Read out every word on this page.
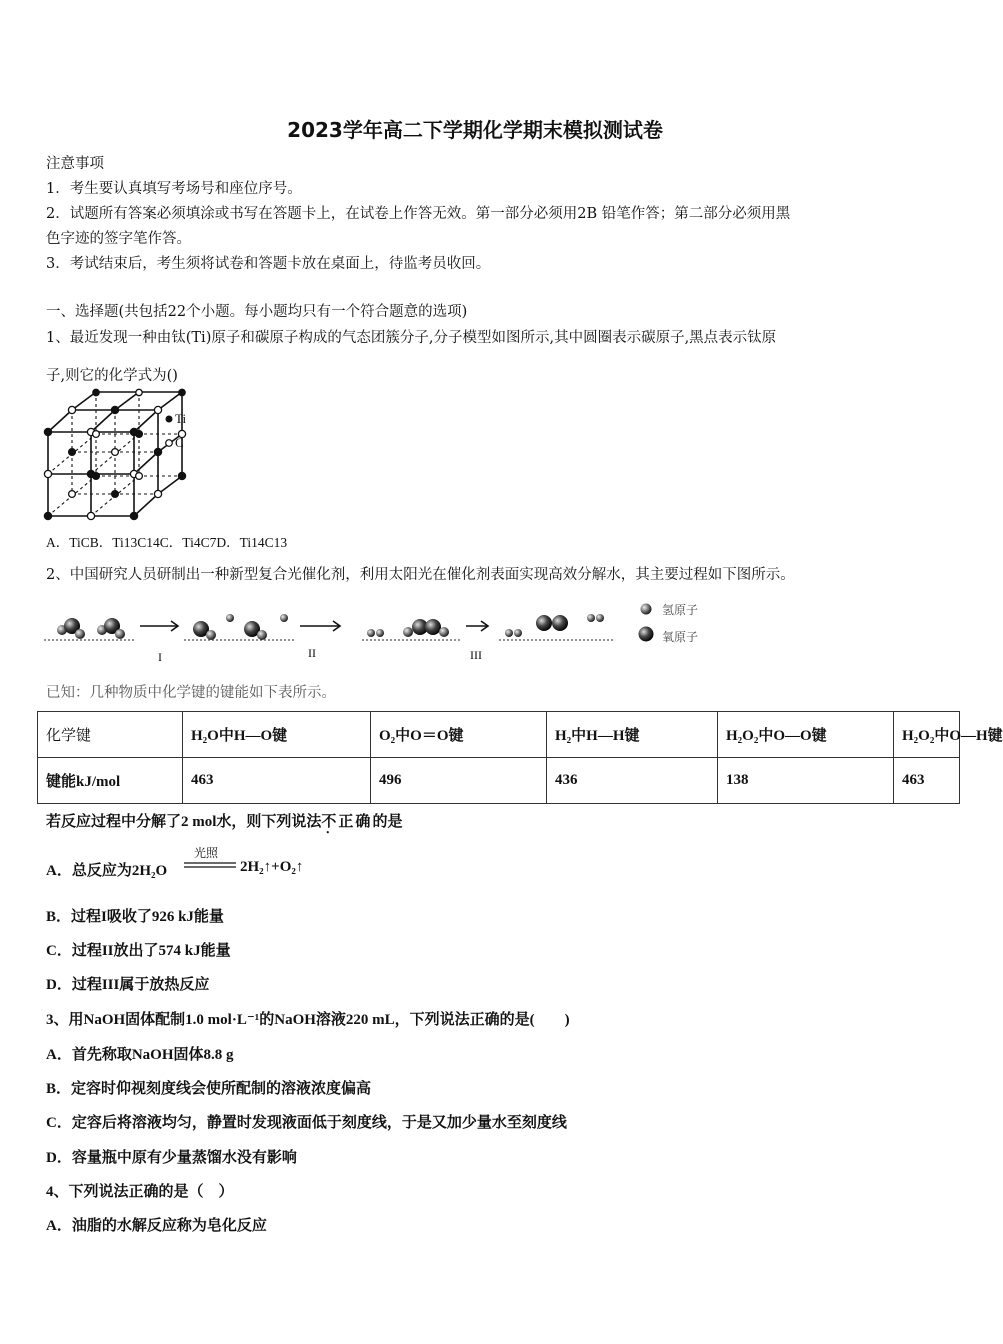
2023学年高二下学期化学期末模拟测试卷
注意事项
1．考生要认真填写考场号和座位序号。
2．试题所有答案必须填涂或书写在答题卡上，在试卷上作答无效。第一部分必须用2B 铅笔作答；第二部分必须用黑
色字迹的签字笔作答。
3．考试结束后，考生须将试卷和答题卡放在桌面上，待监考员收回。
一、选择题(共包括22个小题。每小题均只有一个符合题意的选项)
1、最近发现一种由钛(Ti)原子和碳原子构成的气态团簇分子,分子模型如图所示,其中圆圈表示碳原子,黑点表示钛原
子,则它的化学式为()
Ti
C
A．TiCB．Ti13C14C．Ti4C7D．Ti14C13
2、中国研究人员研制出一种新型复合光催化剂，利用太阳光在催化剂表面实现高效分解水，其主要过程如下图所示。
I	II	III
氢原子
氧原子
已知：几种物质中化学键的键能如下表所示。
化学键	H₂O中H—O键	O₂中O＝O键	H₂中H—H键	H₂O₂中O—O键	H₂O₂中O—H键
键能kJ/mol	463	496	436	138	463
若反应过程中分解了2 mol水，则下列说法不正确的是
A．总反应为2H₂O
光照
2H₂↑+O₂↑
B．过程I吸收了926 kJ能量
C．过程II放出了574 kJ能量
D．过程III属于放热反应
3、用NaOH固体配制1.0 mol·L⁻¹的NaOH溶液220 mL，下列说法正确的是(　　)
A．首先称取NaOH固体8.8 g
B．定容时仰视刻度线会使所配制的溶液浓度偏高
C．定容后将溶液均匀，静置时发现液面低于刻度线，于是又加少量水至刻度线
D．容量瓶中原有少量蒸馏水没有影响
4、下列说法正确的是（　）
A．油脂的水解反应称为皂化反应
